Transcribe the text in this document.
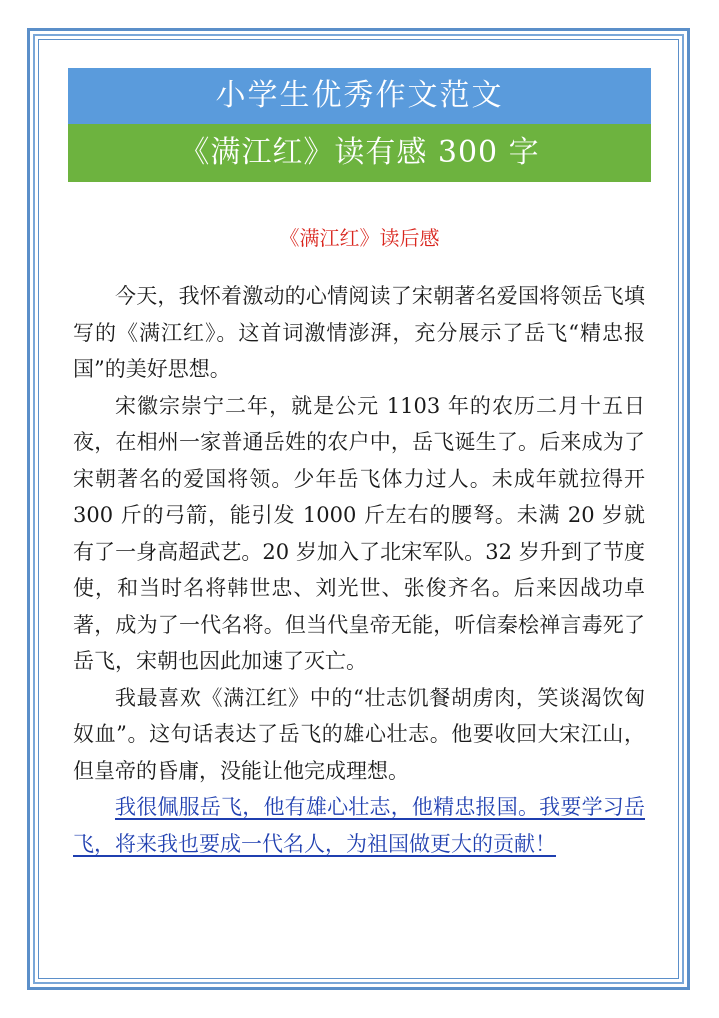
小学生优秀作文范文
《满江红》读有感 300 字
《满江红》读后感

今天，我怀着激动的心情阅读了宋朝著名爱国将领岳飞填写的《满江红》。这首词激情澎湃，充分展示了岳飞“精忠报国”的美好思想。

宋徽宗崇宁二年，就是公元 1103 年的农历二月十五日夜，在相州一家普通岳姓的农户中，岳飞诞生了。后来成为了宋朝著名的爱国将领。少年岳飞体力过人。未成年就拉得开 300 斤的弓箭，能引发 1000 斤左右的腰弩。未满 20 岁就有了一身高超武艺。20 岁加入了北宋军队。32 岁升到了节度使，和当时名将韩世忠、刘光世、张俊齐名。后来因战功卓著，成为了一代名将。但当代皇帝无能，听信秦桧禅言毒死了岳飞，宋朝也因此加速了灭亡。

我最喜欢《满江红》中的“壮志饥餐胡虏肉，笑谈渴饮匈奴血”。这句话表达了岳飞的雄心壮志。他要收回大宋江山，但皇帝的昏庸，没能让他完成理想。

我很佩服岳飞，他有雄心壮志，他精忠报国。我要学习岳飞，将来我也要成一代名人，为祖国做更大的贡献！
